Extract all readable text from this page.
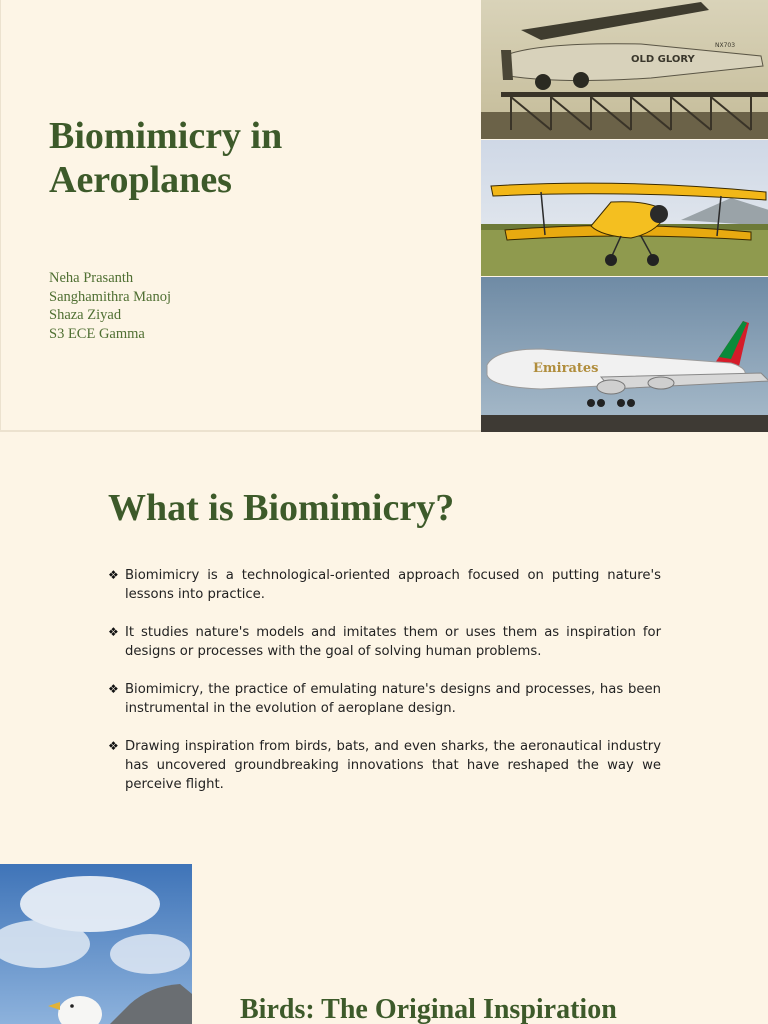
Biomimicry in
Aeroplanes
Neha Prasanth
Sanghamithra Manoj
Shaza Ziyad
S3 ECE Gamma
OLD GLORY
NX703
Emirates
What is Biomimicry?
❖ Biomimicry is a technological-oriented approach focused on putting nature's lessons into practice.
❖ It studies nature's models and imitates them or uses them as inspiration for designs or processes with the goal of solving human problems.
❖ Biomimicry, the practice of emulating nature's designs and processes, has been instrumental in the evolution of aeroplane design.
❖ Drawing inspiration from birds, bats, and even sharks, the aeronautical industry has uncovered groundbreaking innovations that have reshaped the way we perceive flight.
Birds: The Original Inspiration
